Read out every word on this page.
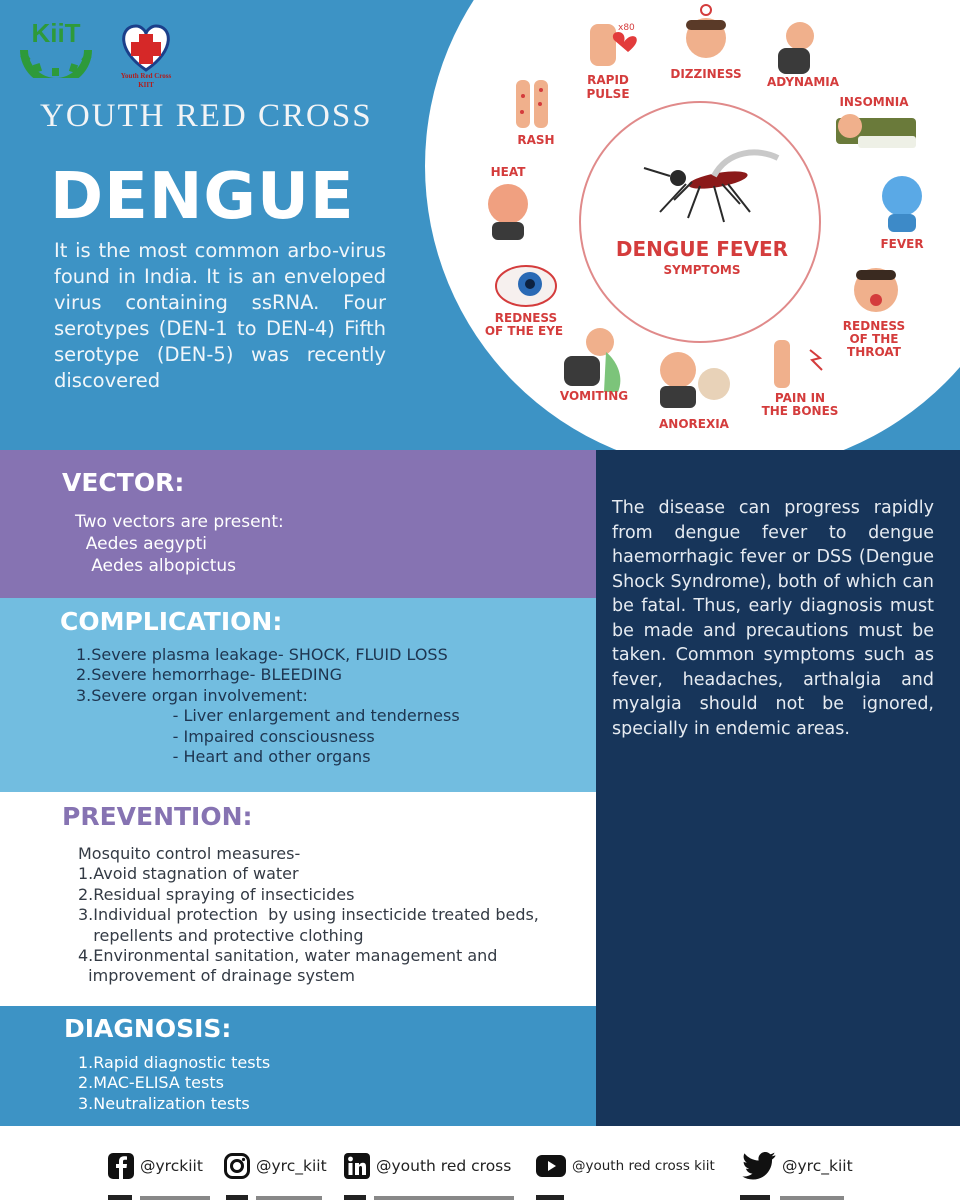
KiiT
Youth Red Cross
KIIT
YOUTH RED CROSS
DENGUE
It is the most common arbo-virus found in India. It is an enveloped virus containing ssRNA. Four serotypes (DEN-1 to DEN-4) Fifth serotype (DEN-5) was recently discovered
DENGUE FEVER
SYMPTOMS
x80
RAPID
PULSE
DIZZINESS
ADYNAMIA
INSOMNIA
FEVER
REDNESS
OF THE
THROAT
PAIN IN
THE BONES
ANOREXIA
VOMITING
REDNESS
OF THE EYE
HEAT
RASH
VECTOR:
Two vectors are present:
Aedes aegypti
Aedes albopictus
COMPLICATION:
1.Severe plasma leakage- SHOCK, FLUID LOSS
2.Severe hemorrhage- BLEEDING
3.Severe organ involvement:
- Liver enlargement and tenderness
- Impaired consciousness
- Heart and other organs
PREVENTION:
Mosquito control measures-
1.Avoid stagnation of water
2.Residual spraying of insecticides
3.Individual protection  by using insecticide treated beds,
repellents and protective clothing
4.Environmental sanitation, water management and
improvement of drainage system
DIAGNOSIS:
1.Rapid diagnostic tests
2.MAC-ELISA tests
3.Neutralization tests
The disease can progress rapidly from dengue fever to dengue haemorrhagic fever or DSS (Dengue Shock Syndrome), both of which can be fatal. Thus, early diagnosis must be made and precautions must be taken. Common symptoms such as fever, headaches, arthalgia and myalgia should not be ignored, specially in endemic areas.
@yrckiit	@yrc_kiit	@youth red cross	@youth red cross kiit	@yrc_kiit
